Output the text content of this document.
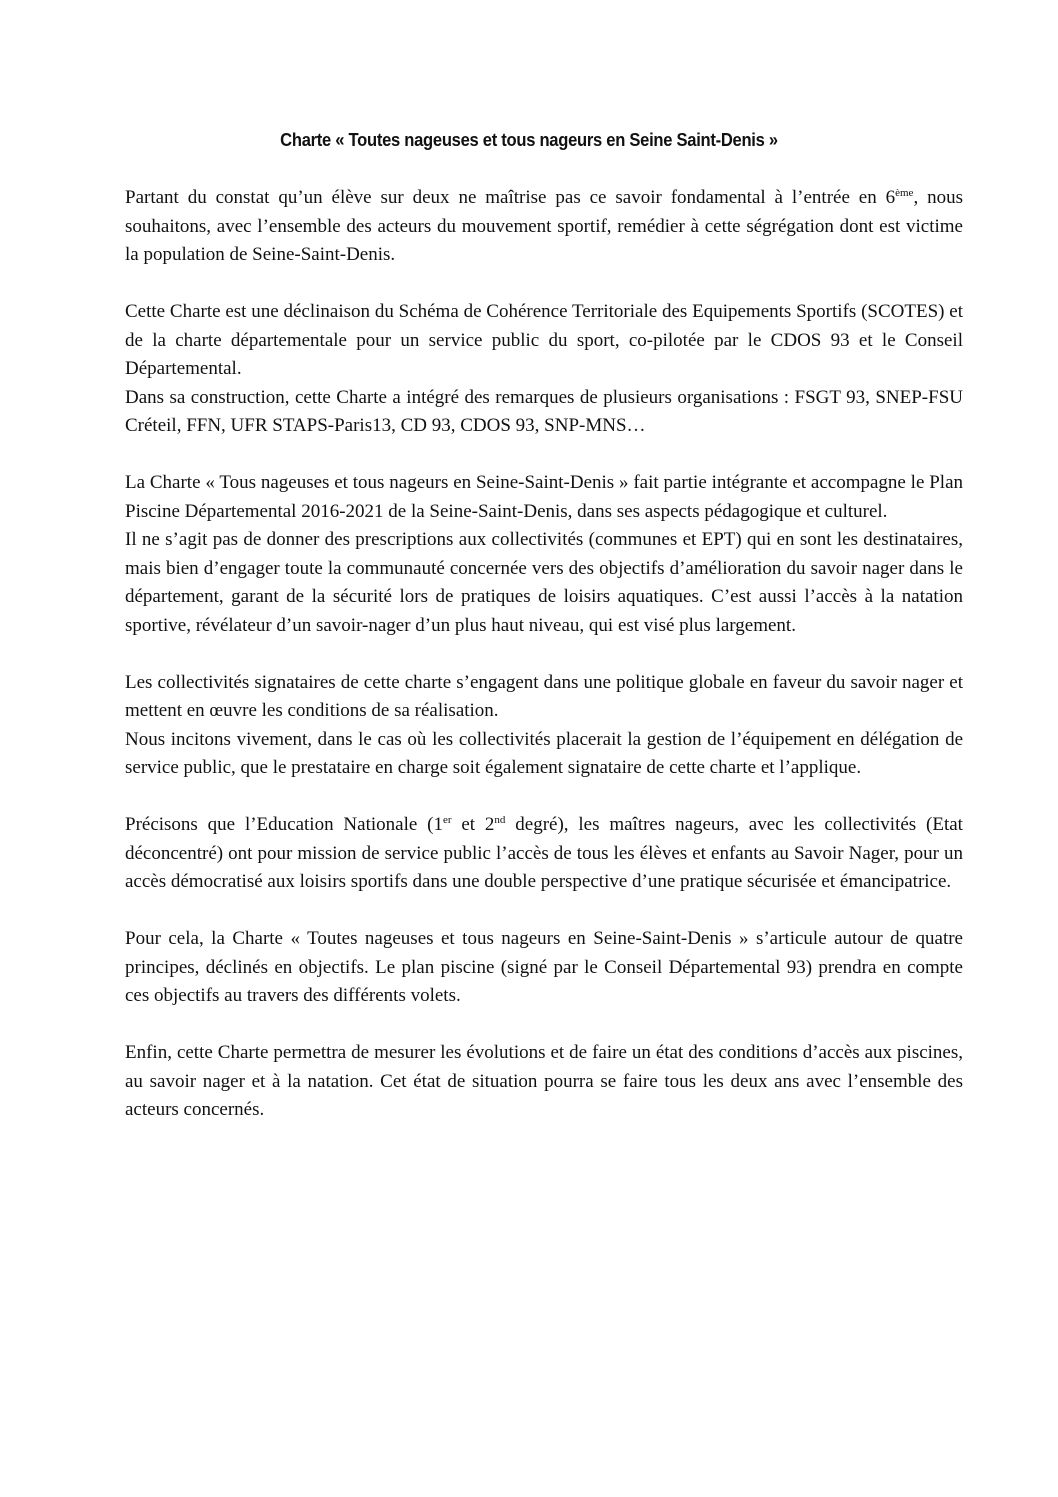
Charte « Toutes nageuses et tous nageurs en Seine Saint-Denis »

Partant du constat qu’un élève sur deux ne maîtrise pas ce savoir fondamental à l’entrée en 6ème, nous souhaitons, avec l’ensemble des acteurs du mouvement sportif, remédier à cette ségrégation dont est victime la population de Seine-Saint-Denis.

Cette Charte est une déclinaison du Schéma de Cohérence Territoriale des Equipements Sportifs (SCOTES) et de la charte départementale pour un service public du sport, co-pilotée par le CDOS 93 et le Conseil Départemental.

Dans sa construction, cette Charte a intégré des remarques de plusieurs organisations : FSGT 93, SNEP-FSU Créteil, FFN, UFR STAPS-Paris13, CD 93, CDOS 93, SNP-MNS…

La Charte « Tous nageuses et tous nageurs en Seine-Saint-Denis » fait partie intégrante et accompagne le Plan Piscine Départemental 2016-2021 de la Seine-Saint-Denis, dans ses aspects pédagogique et culturel.

Il ne s’agit pas de donner des prescriptions aux collectivités (communes et EPT) qui en sont les destinataires, mais bien d’engager toute la communauté concernée vers des objectifs d’amélioration du savoir nager dans le département, garant de la sécurité lors de pratiques de loisirs aquatiques. C’est aussi l’accès à la natation sportive, révélateur d’un savoir-nager d’un plus haut niveau, qui est visé plus largement.

Les collectivités signataires de cette charte s’engagent dans une politique globale en faveur du savoir nager et mettent en œuvre les conditions de sa réalisation.

Nous incitons vivement, dans le cas où les collectivités placerait la gestion de l’équipement en délégation de service public, que le prestataire en charge soit également signataire de cette charte et l’applique.

Précisons que l’Education Nationale (1er et 2nd degré), les maîtres nageurs, avec les collectivités (Etat déconcentré) ont pour mission de service public l’accès de tous les élèves et enfants au Savoir Nager, pour un accès démocratisé aux loisirs sportifs dans une double perspective d’une pratique sécurisée et émancipatrice.

Pour cela, la Charte « Toutes nageuses et tous nageurs en Seine-Saint-Denis » s’articule autour de quatre principes, déclinés en objectifs. Le plan piscine (signé par le Conseil Départemental 93) prendra en compte ces objectifs au travers des différents volets.

Enfin, cette Charte permettra de mesurer les évolutions et de faire un état des conditions d’accès aux piscines, au savoir nager et à la natation. Cet état de situation pourra se faire tous les deux ans avec l’ensemble des acteurs concernés.
